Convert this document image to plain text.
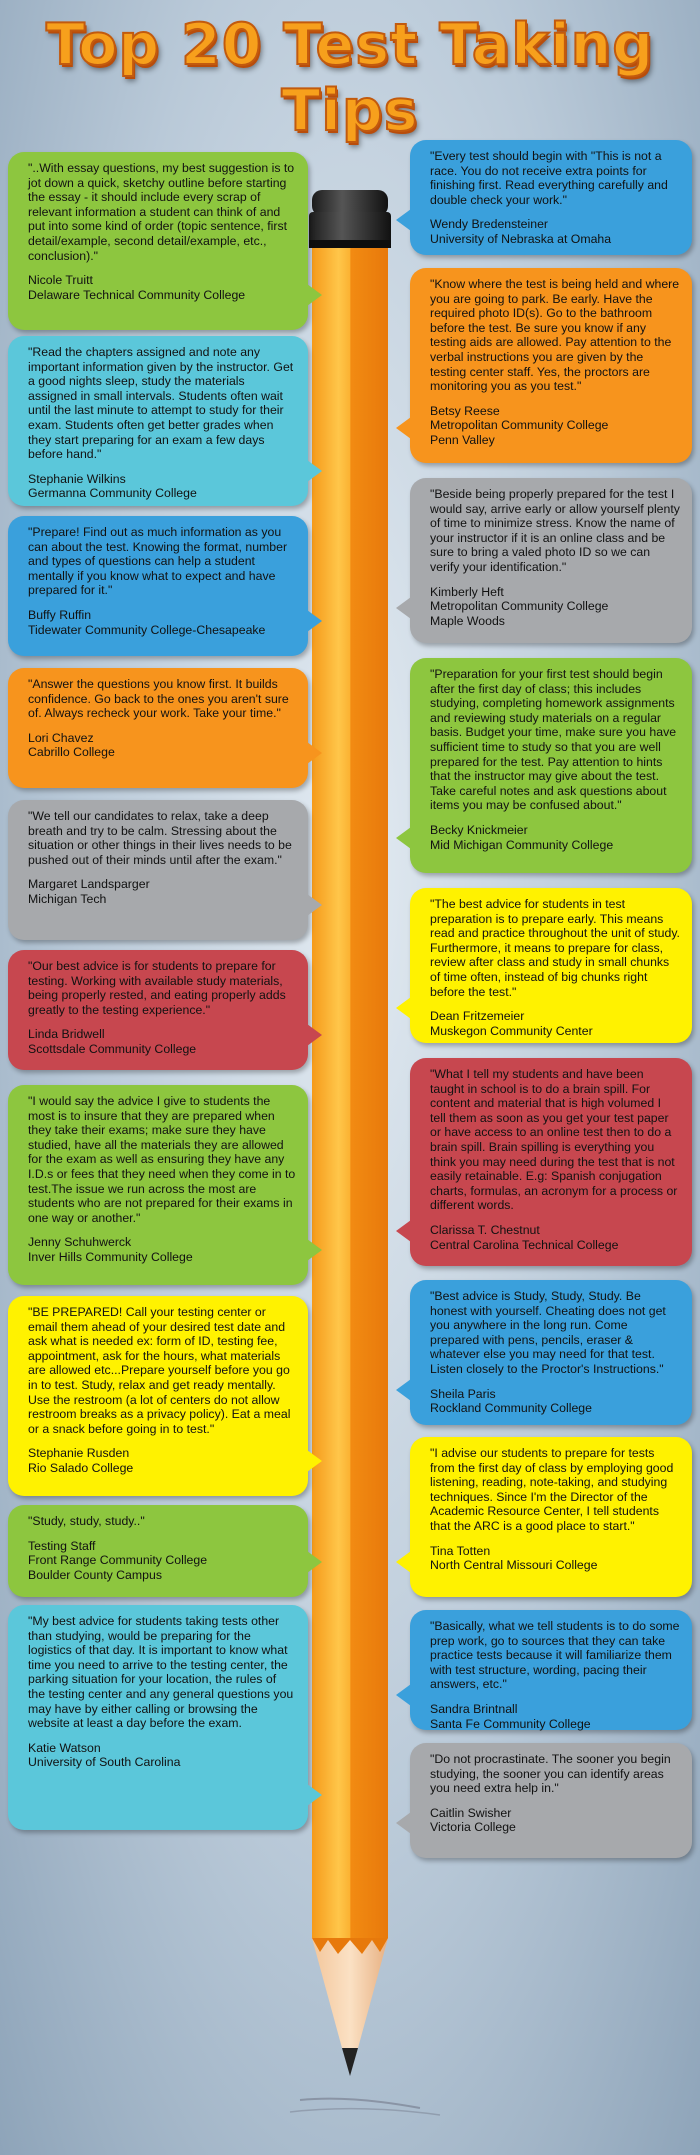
Top 20 Test Taking Tips

"..With essay questions, my best suggestion is to jot down a quick, sketchy outline before starting the essay - it should include every scrap of relevant information a student can think of and put into some kind of order (topic sentence, first detail/example, second detail/example, etc., conclusion)."

Nicole Truitt
Delaware Technical Community College

"Read the chapters assigned and note any important information given by the instructor. Get a good nights sleep, study the materials assigned in small intervals. Students often wait until the last minute to attempt to study for their exam. Students often get better grades when they start preparing for an exam a few days before hand."

Stephanie Wilkins
Germanna Community College

"Prepare! Find out as much information as you can about the test. Knowing the format, number and types of questions can help a student mentally if you know what to expect and have prepared for it."

Buffy Ruffin
Tidewater Community College-Chesapeake

"Answer the questions you know first. It builds confidence. Go back to the ones you aren't sure of. Always recheck your work. Take your time."

Lori Chavez
Cabrillo College

"We tell our candidates to relax, take a deep breath and try to be calm. Stressing about the situation or other things in their lives needs to be pushed out of their minds until after the exam."

Margaret Landsparger
Michigan Tech

"Our best advice is for students to prepare for testing. Working with available study materials, being properly rested, and eating properly adds greatly to the testing experience."

Linda Bridwell
Scottsdale Community College

"I would say the advice I give to students the most is to insure that they are prepared when they take their exams; make sure they have studied, have all the materials they are allowed for the exam as well as ensuring they have any I.D.s or fees that they need when they come in to test.The issue we run across the most are students who are not prepared for their exams in one way or another."

Jenny Schuhwerck
Inver Hills Community College

"BE PREPARED! Call your testing center or email them ahead of your desired test date and ask what is needed ex: form of ID, testing fee, appointment, ask for the hours, what materials are allowed etc...Prepare yourself before you go in to test. Study, relax and get ready mentally. Use the restroom (a lot of centers do not allow restroom breaks as a privacy policy). Eat a meal or a snack before going in to test."

Stephanie Rusden
Rio Salado College

"Study, study, study.."

Testing Staff
Front Range Community College
Boulder County Campus

"My best advice for students taking tests other than studying, would be preparing for the logistics of that day. It is important to know what time you need to arrive to the testing center, the parking situation for your location, the rules of the testing center and any general questions you may have by either calling or browsing the website at least a day before the exam.

Katie Watson
University of South Carolina

"Every test should begin with "This is not a race. You do not receive extra points for finishing first. Read everything carefully and double check your work."

Wendy Bredensteiner
University of Nebraska at Omaha

"Know where the test is being held and where you are going to park. Be early. Have the required photo ID(s). Go to the bathroom before the test. Be sure you know if any testing aids are allowed. Pay attention to the verbal instructions you are given by the testing center staff. Yes, the proctors are monitoring you as you test."

Betsy Reese
Metropolitan Community College
Penn Valley

"Beside being properly prepared for the test I would say, arrive early or allow yourself plenty of time to minimize stress. Know the name of your instructor if it is an online class and be sure to bring a valed photo ID so we can verify your identification."

Kimberly Heft
Metropolitan Community College
Maple Woods

"Preparation for your first test should begin after the first day of class; this includes studying, completing homework assignments and reviewing study materials on a regular basis. Budget your time, make sure you have sufficient time to study so that you are well prepared for the test. Pay attention to hints that the instructor may give about the test. Take careful notes and ask questions about items you may be confused about."

Becky Knickmeier
Mid Michigan Community College

"The best advice for students in test preparation is to prepare early. This means read and practice throughout the unit of study. Furthermore, it means to prepare for class, review after class and study in small chunks of time often, instead of big chunks right before the test."

Dean Fritzemeier
Muskegon Community Center

"What I tell my students and have been taught in school is to do a brain spill. For content and material that is high volumed I tell them as soon as you get your test paper or have access to an online test then to do a brain spill. Brain spilling is everything you think you may need during the test that is not easily retainable. E.g: Spanish conjugation charts, formulas, an acronym for a process or different words.

Clarissa T. Chestnut
Central Carolina Technical College

"Best advice is Study, Study, Study. Be honest with yourself. Cheating does not get you anywhere in the long run. Come prepared with pens, pencils, eraser & whatever else you may need for that test. Listen closely to the Proctor's Instructions."

Sheila Paris
Rockland Community College

"I advise our students to prepare for tests from the first day of class by employing good listening, reading, note-taking, and studying techniques. Since I'm the Director of the Academic Resource Center, I tell students that the ARC is a good place to start."

Tina Totten
North Central Missouri College

"Basically, what we tell students is to do some prep work, go to sources that they can take practice tests because it will familiarize them with test structure, wording, pacing their answers, etc."

Sandra Brintnall
Santa Fe Community College

"Do not procrastinate. The sooner you begin studying, the sooner you can identify areas you need extra help in."

Caitlin Swisher
Victoria College
